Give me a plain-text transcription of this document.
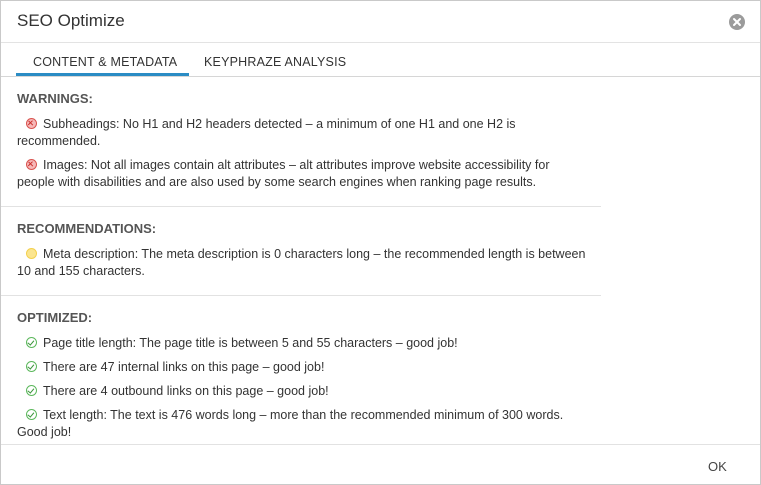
SEO Optimize
CONTENT & METADATA KEYPHRAZE ANALYSIS
WARNINGS:
Subheadings: No H1 and H2 headers detected – a minimum of one H1 and one H2 is recommended.
Images: Not all images contain alt attributes – alt attributes improve website accessibility for people with disabilities and are also used by some search engines when ranking page results.
RECOMMENDATIONS:
Meta description: The meta description is 0 characters long – the recommended length is between 10 and 155 characters.
OPTIMIZED:
Page title length: The page title is between 5 and 55 characters – good job!
There are 47 internal links on this page – good job!
There are 4 outbound links on this page – good job!
Text length: The text is 476 words long – more than the recommended minimum of 300 words. Good job!
OK
